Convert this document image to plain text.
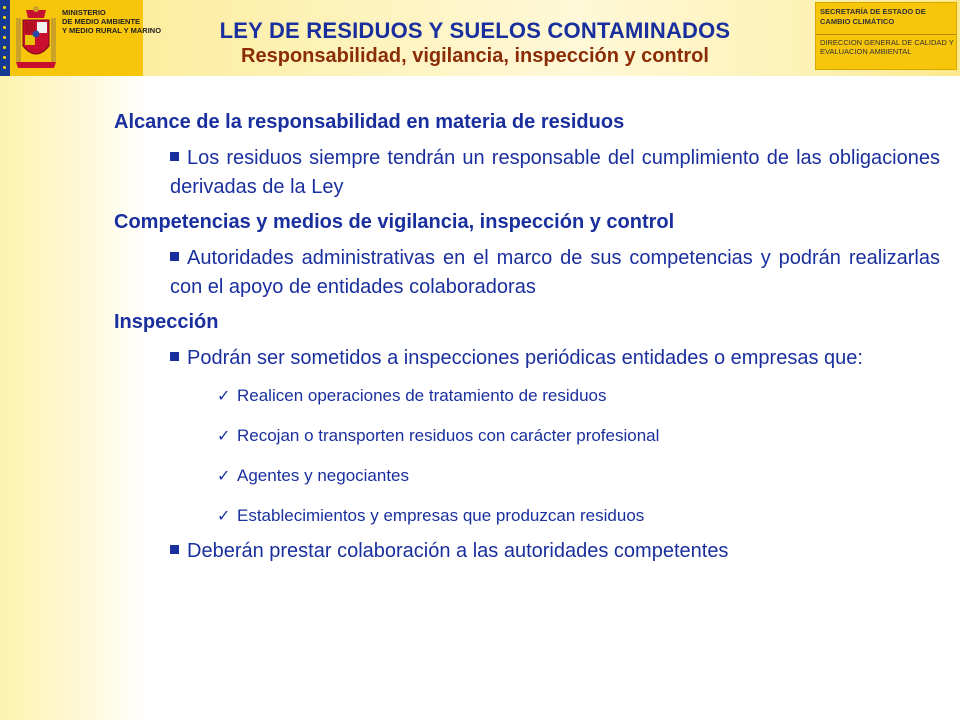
MINISTERIO
DE MEDIO AMBIENTE
Y MEDIO RURAL Y MARINO	LEY DE RESIDUOS Y SUELOS CONTAMINADOS
Responsabilidad, vigilancia, inspección y control
SECRETARÍA DE ESTADO DE CAMBIO CLIMÁTICO
DIRECCION GENERAL DE CALIDAD Y EVALUACION AMBIENTAL
Alcance de la responsabilidad en materia de residuos
Los residuos siempre tendrán un responsable del cumplimiento de las obligaciones derivadas de la Ley
Competencias y medios de vigilancia, inspección y control
Autoridades administrativas en el marco de sus competencias y podrán realizarlas con el apoyo de entidades colaboradoras
Inspección
Podrán ser sometidos a inspecciones periódicas entidades o empresas que:
✓ Realicen operaciones de tratamiento de residuos
✓ Recojan o transporten residuos con carácter profesional
✓ Agentes y negociantes
✓ Establecimientos y empresas que produzcan residuos
Deberán prestar colaboración a las autoridades competentes
